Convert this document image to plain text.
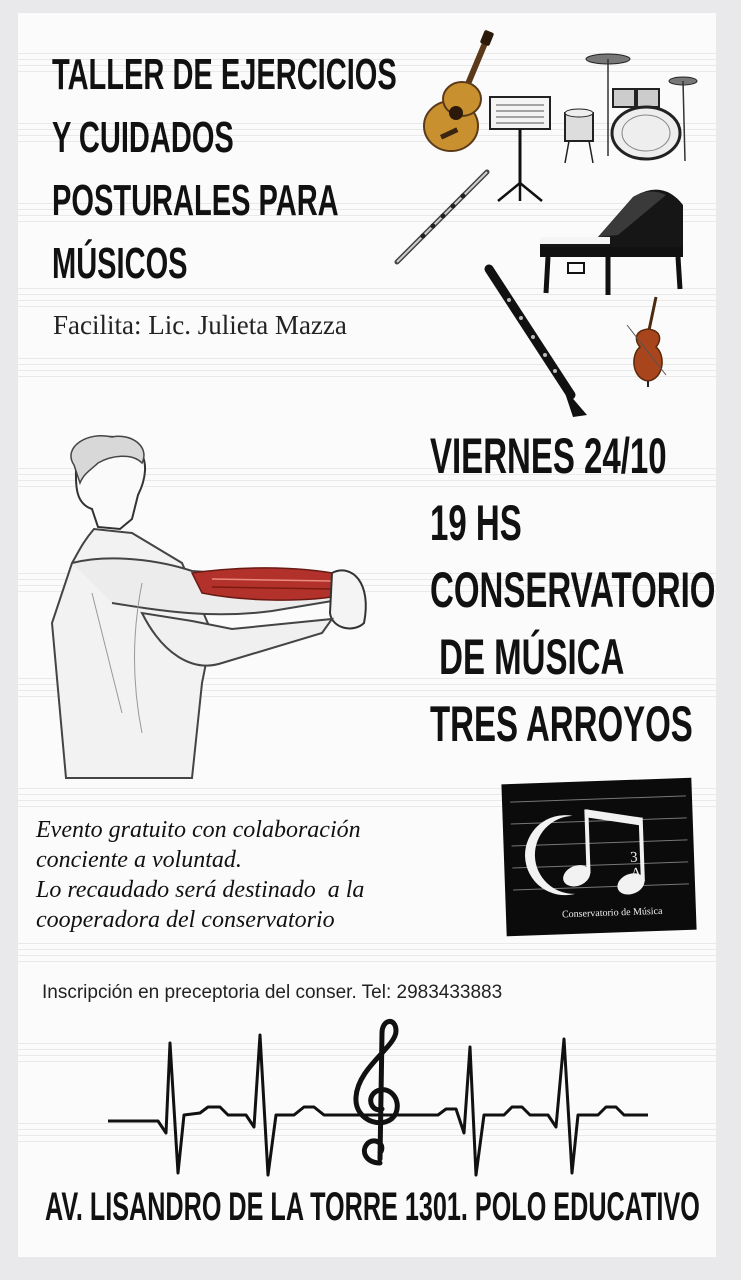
TALLER DE EJERCICIOS
Y CUIDADOS
POSTURALES PARA
MÚSICOS
Facilita: Lic. Julieta Mazza
VIERNES 24/10
19 HS
CONSERVATORIO
DE MÚSICA
TRES ARROYOS
Evento gratuito con colaboración
conciente a voluntad.
Lo recaudado será destinado  a la
cooperadora del conservatorio
3
A
Conservatorio de Música
Inscripción en preceptoria del conser. Tel: 2983433883
AV. LISANDRO DE LA TORRE 1301. POLO EDUCATIVO
